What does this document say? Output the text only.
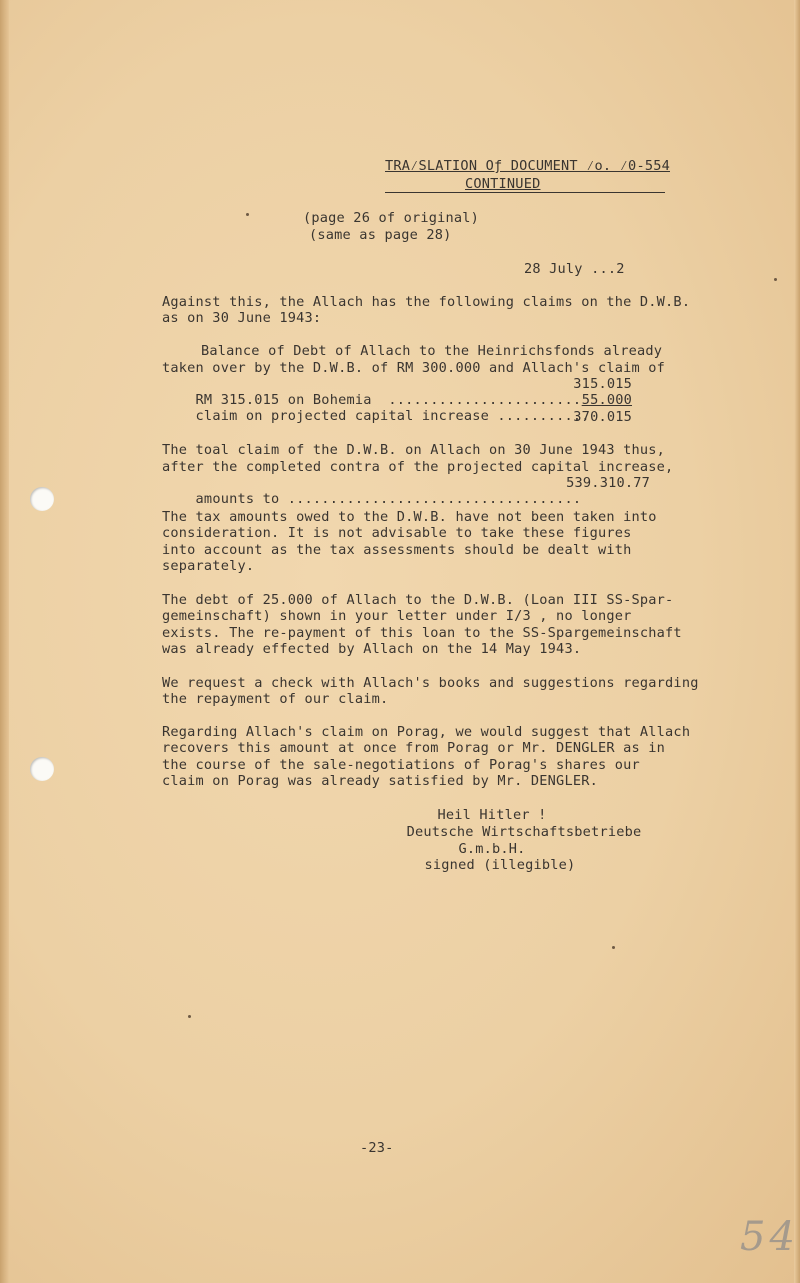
TRA⁄SLATION Oƒ DOCUMENT ⁄o. ⁄0-554
CONTINUED
(page 26 of original)
(same as page 28)
28 July ...2
Against this, the Allach has the following claims on the D.W.B.
as on 30 June 1943:
Balance of Debt of Allach to the Heinrichsfonds already
taken over by the D.W.B. of RM 300.000 and Allach's claim of

RM 315.015 on Bohemia  .......................

315.015

claim on projected capital increase ...........

55.000

370.015

The toal claim of the D.W.B. on Allach on 30 June 1943 thus,
after the completed contra of the projected capital increase,

amounts to ...................................

539.310.77

The tax amounts owed to the D.W.B. have not been taken into
consideration. It is not advisable to take these figures
into account as the tax assessments should be dealt with
separately.
The debt of 25.000 of Allach to the D.W.B. (Loan III SS-Spar-
gemeinschaft) shown in your letter under I/3 , no longer
exists. The re-payment of this loan to the SS-Spargemeinschaft
was already effected by Allach on the 14 May 1943.
We request a check with Allach's books and suggestions regarding
the repayment of our claim.
Regarding Allach's claim on Porag, we would suggest that Allach
recovers this amount at once from Porag or Mr. DENGLER as in
the course of the sale-negotiations of Porag's shares our
claim on Porag was already satisfied by Mr. DENGLER.
Heil Hitler !
Deutsche Wirtschaftsbetriebe
G.m.b.H.
signed (illegible)
-23-
54
